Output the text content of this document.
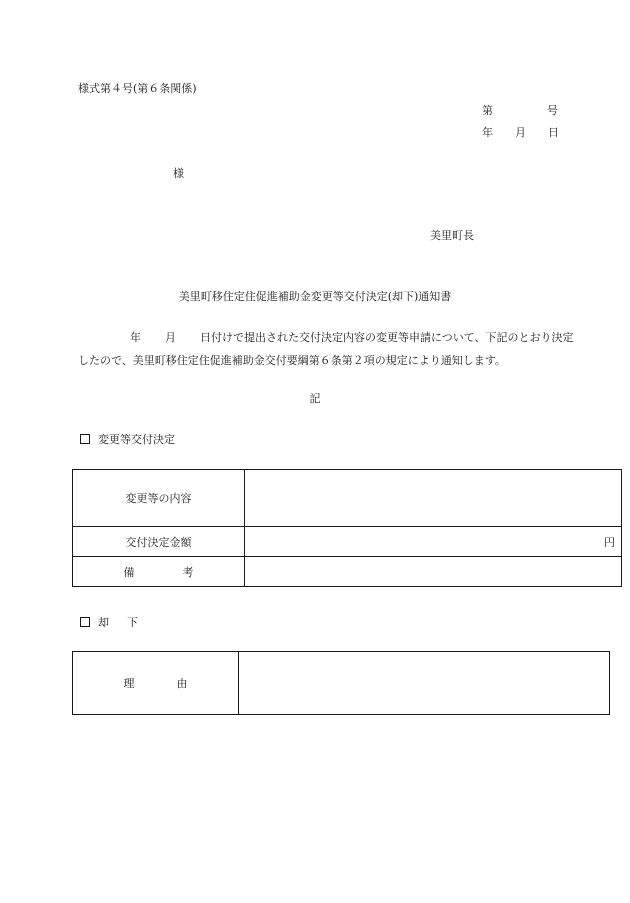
様式第４号(第６条関係)
第	号
年 月 日
様
美里町長
美里町移住定住促進補助金変更等交付決定(却下)通知書
年 月 日付けで提出された交付決定内容の変更等申請について、下記のとおり決定したので、美里町移住定住促進補助金交付要綱第６条第２項の規定により通知します。
記
変更等交付決定
変更等の内容	
交付決定金額	円
備考	
却下
理由	
